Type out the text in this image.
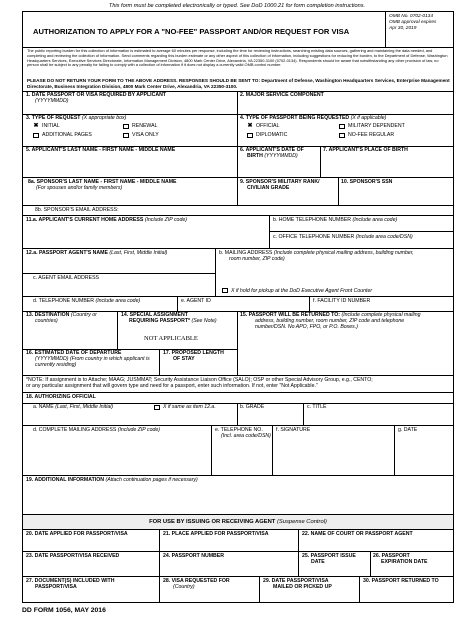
This form must be completed electronically or typed. See DoD 1000.21 for form completion instructions.
AUTHORIZATION TO APPLY FOR A "NO-FEE" PASSPORT AND/OR REQUEST FOR VISA
OMB No. 0702-0134
OMB approval expires
Apr 30, 2019
The public reporting burden for this collection of information is estimated to average 60 minutes per response, including the time for reviewing instructions, searching existing data sources, gathering and maintaining the data needed, and completing and reviewing the collection of information. Send comments regarding this burden estimate or any other aspect of this collection of information, including suggestions for reducing the burden, to the Department of Defense, Washington Headquarters Services, Executive Services Directorate, Information Management Division, 4800 Mark Center Drive, Alexandria, VA 22350-3100 (0702-0134). Respondents should be aware that notwithstanding any other provision of law, no person shall be subject to any penalty for failing to comply with a collection of information if it does not display a currently valid OMB control number.
PLEASE DO NOT RETURN YOUR FORM TO THE ABOVE ADDRESS. RESPONSES SHOULD BE SENT TO: Department of Defense, Washington Headquarters Services, Enterprise Management Directorate, Business Integration Division, 4800 Mark Center Drive, Alexandria, VA 22350-3100.
1. DATE PASSPORT OR VISA REQUIRED BY APPLICANT
(YYYYMMDD)
2. MAJOR SERVICE COMPONENT
3. TYPE OF REQUEST (X appropriate box)
✖ INITIAL	RENEWAL
ADDITIONAL PAGES	VISA ONLY
4. TYPE OF PASSPORT BEING REQUESTED (X if applicable)
✖ OFFICIAL	MILITARY DEPENDENT
DIPLOMATIC	NO-FEE REGULAR
5. APPLICANT'S LAST NAME - FIRST NAME - MIDDLE NAME	6. APPLICANT'S DATE OF
BIRTH (YYYYMMDD)
7. APPLICANT'S PLACE OF BIRTH
8a. SPONSOR'S LAST NAME - FIRST NAME - MIDDLE NAME
(For spouses and/or family members)
9. SPONSOR'S MILITARY RANK/
CIVILIAN GRADE
10. SPONSOR'S SSN
8b. SPONSOR'S EMAIL ADDRESS:
11.a. APPLICANT'S CURRENT HOME ADDRESS (Include ZIP code)	b. HOME TELEPHONE NUMBER (Include area code)
c. OFFICE TELEPHONE NUMBER (Include area code/DSN)
12.a. PASSPORT AGENT'S NAME (Last, First, Middle Initial)	b. MAILING ADDRESS (Include complete physical mailing address, building number,
room number, ZIP code)
c. AGENT EMAIL ADDRESS
X if hold for pickup at the DoD Executive Agent Front Counter
d. TELEPHONE NUMBER (Include area code)	e. AGENT ID	f. FACILITY ID NUMBER
13. DESTINATION (Country or
countries)
14. SPECIAL ASSIGNMENT
REQUIRING PASSPORT* (See Note)
NOT APPLICABLE
15. PASSPORT WILL BE RETURNED TO: (Include complete physical mailing
address, building number, room number, ZIP code and telephone
number/DSN. No APO, FPO, or P.O. Boxes.)
16. ESTIMATED DATE OF DEPARTURE
(YYYYMMDD) (From country in which applicant is
currently residing)
17. PROPOSED LENGTH
OF STAY
*NOTE: If assignment is to Attache; MAAG; JUSMMAT; Security Assistance Liaison Office (SALO); OSP or other Special Advisory Group, e.g., CENTO;
or any particular assignment that will govern type and need for a passport, enter such information. If not, enter "Not Applicable."
18. AUTHORIZING OFFICIAL
a. NAME (Last, First, Middle Initial)	X if same as item 12.a.	b. GRADE	c. TITLE
d. COMPLETE MAILING ADDRESS (Include ZIP code)	e. TELEPHONE NO.
(Incl. area code/DSN)
f. SIGNATURE	g. DATE
19. ADDITIONAL INFORMATION (Attach continuation pages if necessary)
FOR USE BY ISSUING OR RECEIVING AGENT (Suspense Control)
20. DATE APPLIED FOR PASSPORT/VISA	21. PLACE APPLIED FOR PASSPORT/VISA	22. NAME OF COURT OR PASSPORT AGENT
23. DATE PASSPORT/VISA RECEIVED	24. PASSPORT NUMBER	25. PASSPORT ISSUE
DATE
26. PASSPORT
EXPIRATION DATE
27. DOCUMENT(S) INCLUDED WITH
PASSPORT/VISA
28. VISA REQUESTED FOR
(Country)
29. DATE PASSPORT/VISA
MAILED OR PICKED UP
30. PASSPORT RETURNED TO
DD FORM 1056, MAY 2016
